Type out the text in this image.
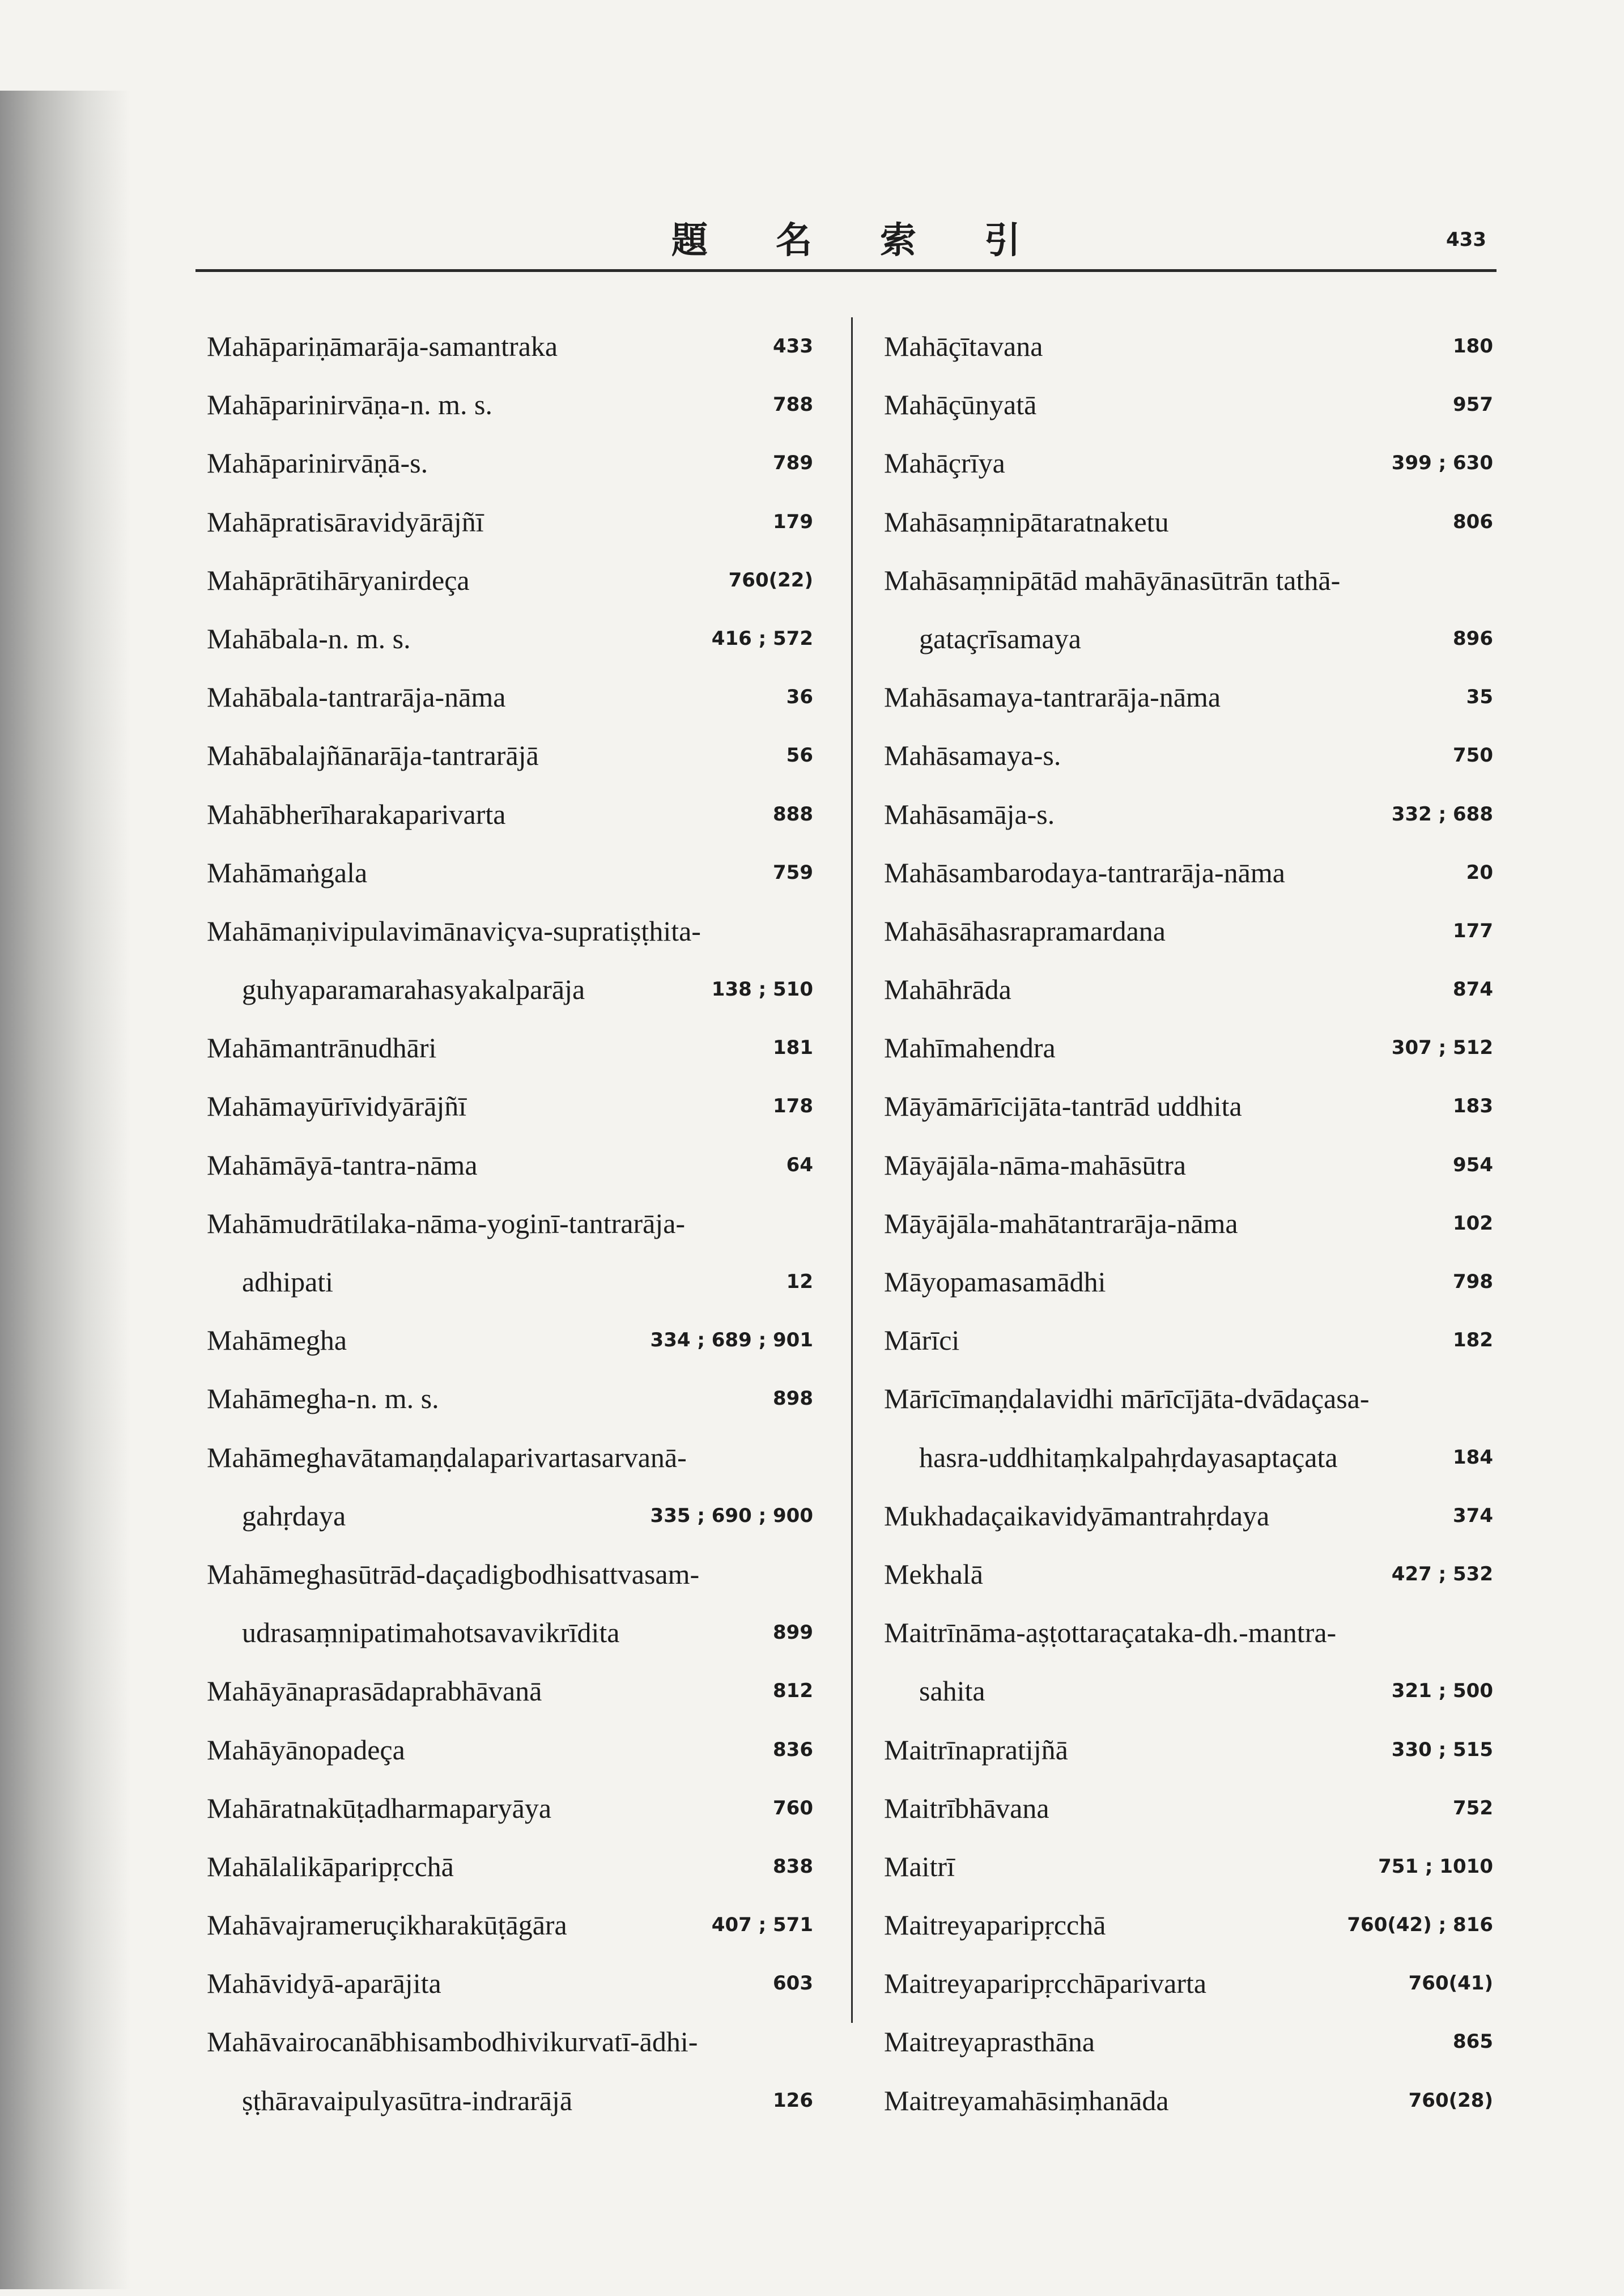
題名索引	433
Mahāpariṇāmarāja-samantraka	433
Mahāparinirvāṇa-n. m. s.	788
Mahāparinirvāṇā-s.	789
Mahāpratisāravidyārājñī	179
Mahāprātihāryanirdeça	760(22)
Mahābala-n. m. s.	416 ; 572
Mahābala-tantrarāja-nāma	36
Mahābalajñānarāja-tantrarājā	56
Mahābherīharakaparivarta	888
Mahāmaṅgala	759
Mahāmaṇivipulavimānaviçva-supratiṣṭhita-
guhyaparamarahasyakalparāja	138 ; 510
Mahāmantrānudhāri	181
Mahāmayūrīvidyārājñī	178
Mahāmāyā-tantra-nāma	64
Mahāmudrātilaka-nāma-yoginī-tantrarāja-
adhipati	12
Mahāmegha	334 ; 689 ; 901
Mahāmegha-n. m. s.	898
Mahāmeghavātamaṇḍalaparivartasarvanā-
gahṛdaya	335 ; 690 ; 900
Mahāmeghasūtrād-daçadigbodhisattvasam-
udrasaṃnipatimahotsavavikrīdita	899
Mahāyānaprasādaprabhāvanā	812
Mahāyānopadeça	836
Mahāratnakūṭadharmaparyāya	760
Mahālalikāparipṛcchā	838
Mahāvajrameruçikharakūṭāgāra	407 ; 571
Mahāvidyā-aparājita	603
Mahāvairocanābhisambodhivikurvatī-ādhi-
ṣṭhāravaipulyasūtra-indrarājā	126
Mahāçītavana	180
Mahāçūnyatā	957
Mahāçrīya	399 ; 630
Mahāsaṃnipātaratnaketu	806
Mahāsaṃnipātād mahāyānasūtrān tathā-
gataçrīsamaya	896
Mahāsamaya-tantrarāja-nāma	35
Mahāsamaya-s.	750
Mahāsamāja-s.	332 ; 688
Mahāsambarodaya-tantrarāja-nāma	20
Mahāsāhasrapramardana	177
Mahāhrāda	874
Mahīmahendra	307 ; 512
Māyāmārīcijāta-tantrād uddhita	183
Māyājāla-nāma-mahāsūtra	954
Māyājāla-mahātantrarāja-nāma	102
Māyopamasamādhi	798
Mārīci	182
Mārīcīmaṇḍalavidhi mārīcījāta-dvādaçasa-
hasra-uddhitaṃkalpahṛdayasaptaçata	184
Mukhadaçaikavidyāmantrahṛdaya	374
Mekhalā	427 ; 532
Maitrīnāma-aṣṭottaraçataka-dh.-mantra-
sahita	321 ; 500
Maitrīnapratijñā	330 ; 515
Maitrībhāvana	752
Maitrī	751 ; 1010
Maitreyaparipṛcchā	760(42) ; 816
Maitreyaparipṛcchāparivarta	760(41)
Maitreyaprasthāna	865
Maitreyamahāsiṃhanāda	760(28)
